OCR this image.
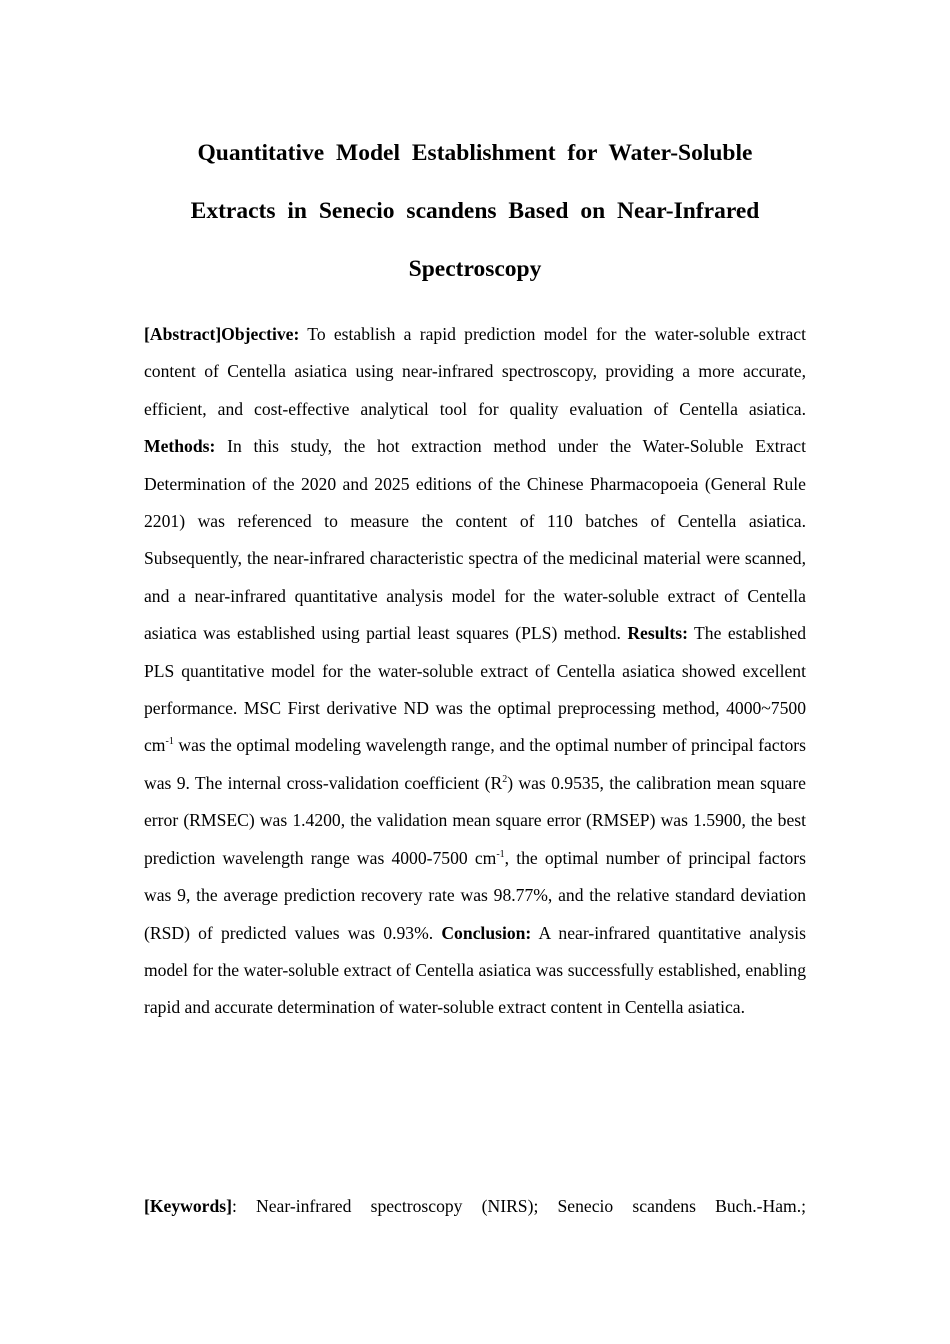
Quantitative Model Establishment for Water-Soluble
Extracts in Senecio scandens Based on Near-Infrared
Spectroscopy

[Abstract]Objective: To establish a rapid prediction model for the water-soluble extract content of Centella asiatica using near-infrared spectroscopy, providing a more accurate, efficient, and cost-effective analytical tool for quality evaluation of Centella asiatica. Methods: In this study, the hot extraction method under the Water-Soluble Extract Determination of the 2020 and 2025 editions of the Chinese Pharmacopoeia (General Rule 2201) was referenced to measure the content of 110 batches of Centella asiatica. Subsequently, the near-infrared characteristic spectra of the medicinal material were scanned, and a near-infrared quantitative analysis model for the water-soluble extract of Centella asiatica was established using partial least squares (PLS) method. Results: The established PLS quantitative model for the water-soluble extract of Centella asiatica showed excellent performance. MSC First derivative ND was the optimal preprocessing method, 4000~7500 $cm^{-1}$ was the optimal modeling wavelength range, and the optimal number of principal factors was 9. The internal cross-validation coefficient $(R^2)$ was 0.9535, the calibration mean square error (RMSEC) was 1.4200, the validation mean square error (RMSEP) was 1.5900, the best prediction wavelength range was 4000-7500 $cm^{-1}$, the optimal number of principal factors was 9, the average prediction recovery rate was 98.77%, and the relative standard deviation (RSD) of predicted values was 0.93%. Conclusion: A near-infrared quantitative analysis model for the water-soluble extract of Centella asiatica was successfully established, enabling rapid and accurate determination of water-soluble extract content in Centella asiatica.

[Keywords]: Near-infrared spectroscopy (NIRS); Senecio scandens Buch.-Ham.;
